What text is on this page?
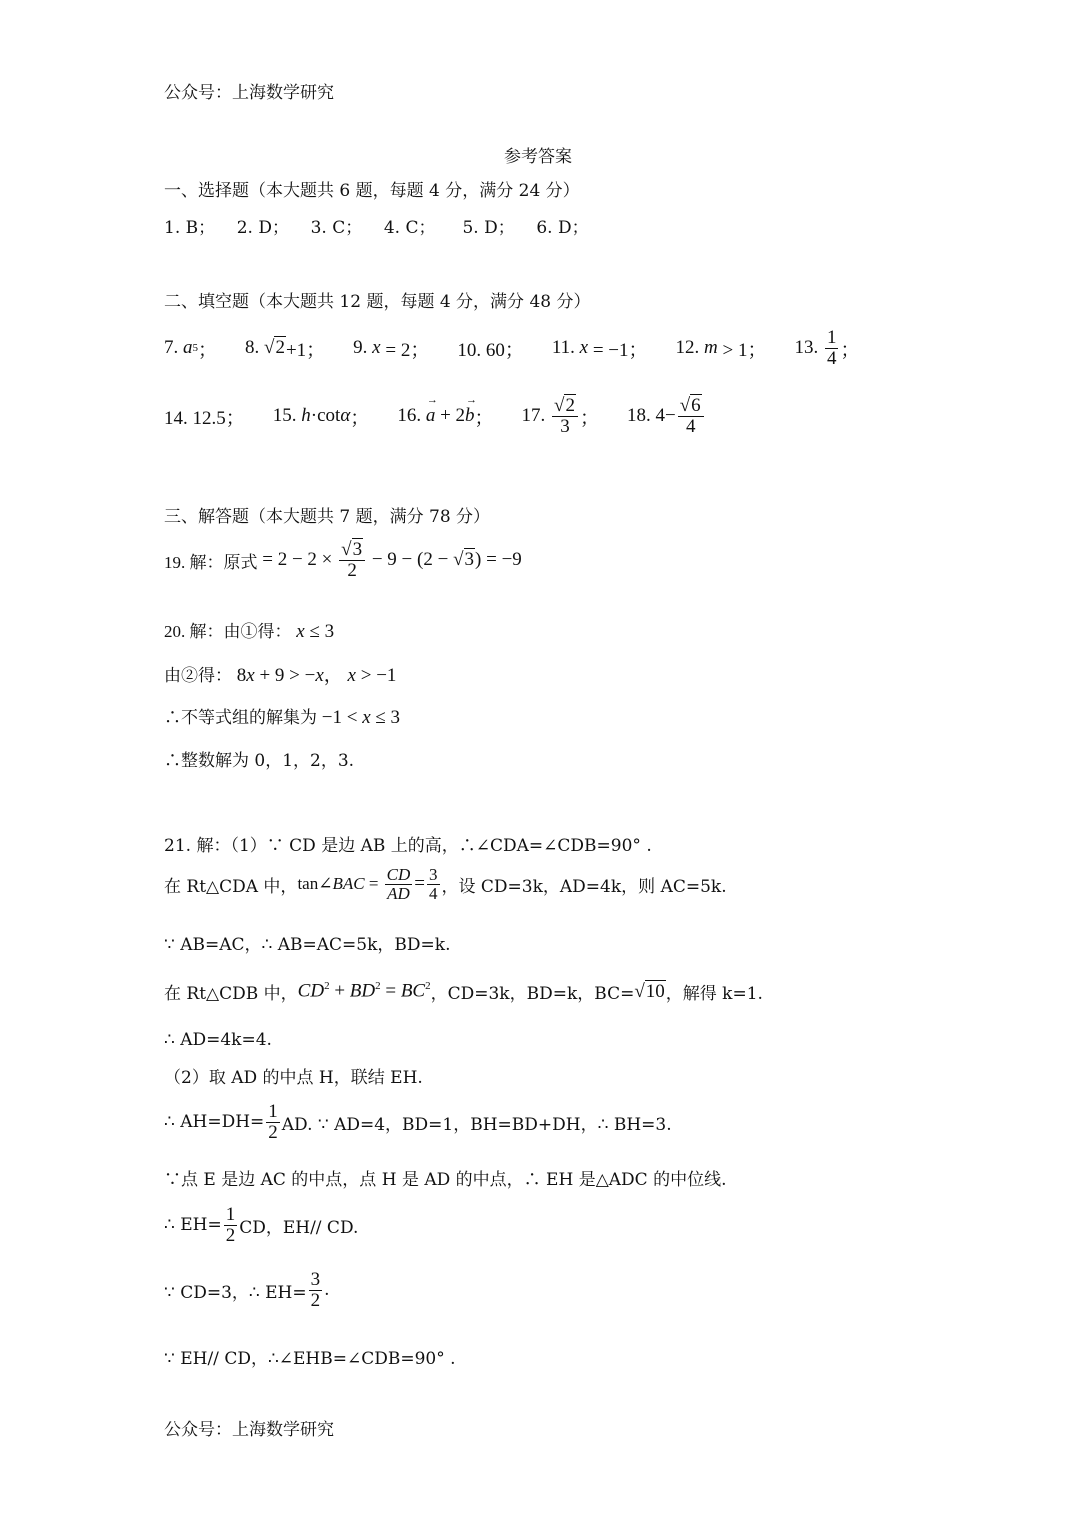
公众号：上海数学研究
参考答案
一、选择题（本大题共 6 题，每题 4 分，满分 24 分）
1. B；    2. D；    3. C；    4. C；     5. D；    6. D；
二、填空题（本大题共 12 题，每题 4 分，满分 48 分）
7.
a 5 ； 8.
√2 +1； 9.
x = 2； 10. 60； 11.
x = −1； 12.
m > 1； 13.
$\frac{1}{4}$ ；
14. 12.5； 15.
h ·cot α ； 16.
a → + 2 b → ； 17.
$\frac{√2}{3}$ ； 18. $4 - \frac{√6}{4}$
三、解答题（本大题共 7 题，满分 78 分）
19. 解：原式 = $2 - 2 \times \frac{√3}{2} - 9 - (2 - √3$ ) = −9
20. 解：由①得： x ≤ 3
由②得： 8x + 9 > −x， x > −1
∴不等式组的解集为 −1 < x ≤ 3
∴整数解为 0，1，2，3.
21. 解：（1）∵ CD 是边 AB 上的高，∴∠CDA=∠CDB=90° .
在 Rt△CDA 中， tan∠BAC = $\frac{CD}{AD} = \frac{3}{4}$ ，设 CD=3k，AD=4k，则 AC=5k.
∵ AB=AC，∴ AB=AC=5k，BD=k.
在 Rt△CDB 中， $CD^2 + BD^2 = BC^2$ ，CD=3k，BD=k，BC= √10 ，解得 k=1.
∴ AD=4k=4.
（2）取 AD 的中点 H，联结 EH.
∴ $AH=DH= \frac{1}{2}$ AD. ∵ AD=4，BD=1，BH=BD+DH，∴ BH=3.
∵点 E 是边 AC 的中点，点 H 是 AD 的中点，∴ EH 是△ADC 的中位线.
∴ $EH= \frac{1}{2}$ CD，EH// CD.
∵ CD=3，∴ $EH= \frac{3}{2}$ .
∵ EH// CD，∴∠EHB=∠CDB=90° .
公众号：上海数学研究
